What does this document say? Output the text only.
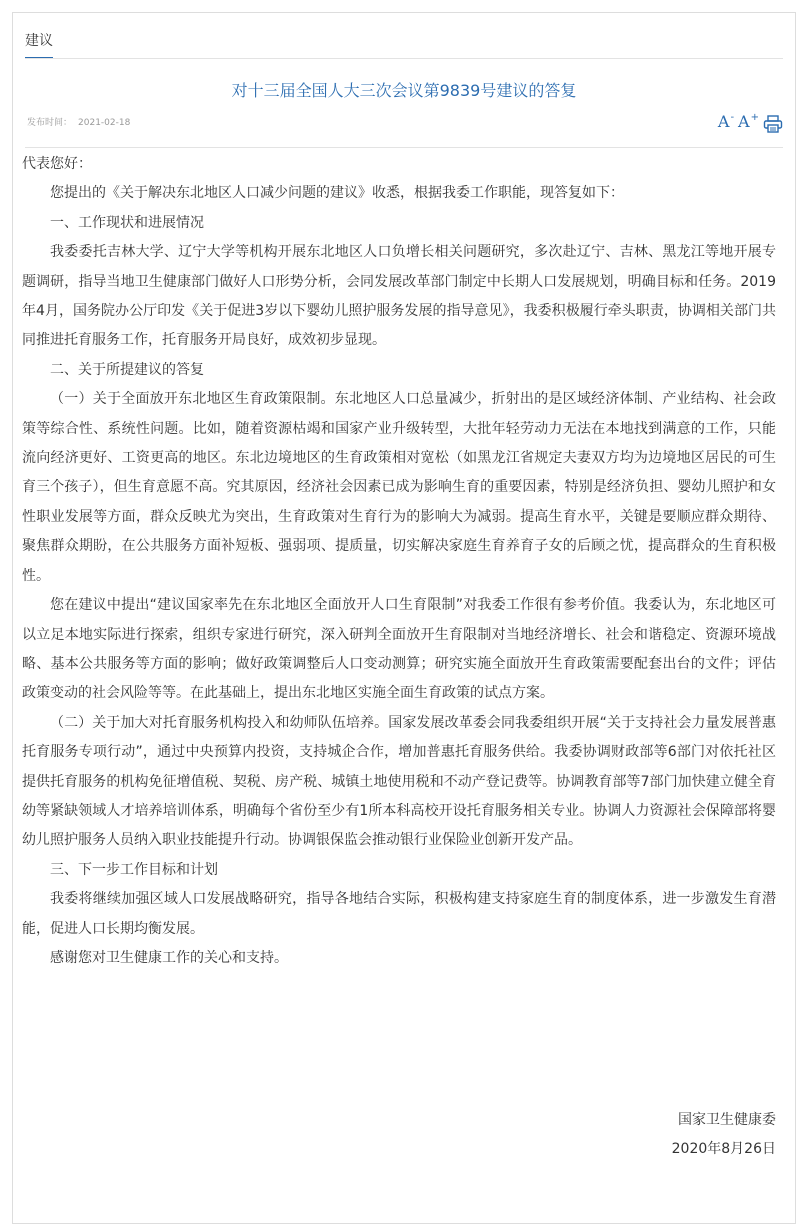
建议
对十三届全国人大三次会议第9839号建议的答复
发布时间： 2021-02-18	A- A+

代表您好：

您提出的《关于解决东北地区人口减少问题的建议》收悉，根据我委工作职能，现答复如下：

一、工作现状和进展情况

我委委托吉林大学、辽宁大学等机构开展东北地区人口负增长相关问题研究，多次赴辽宁、吉林、黑龙江等地开展专题调研，指导当地卫生健康部门做好人口形势分析，会同发展改革部门制定中长期人口发展规划，明确目标和任务。2019年4月，国务院办公厅印发《关于促进3岁以下婴幼儿照护服务发展的指导意见》，我委积极履行牵头职责，协调相关部门共同推进托育服务工作，托育服务开局良好，成效初步显现。

二、关于所提建议的答复

（一）关于全面放开东北地区生育政策限制。东北地区人口总量减少，折射出的是区域经济体制、产业结构、社会政策等综合性、系统性问题。比如，随着资源枯竭和国家产业升级转型，大批年轻劳动力无法在本地找到满意的工作，只能流向经济更好、工资更高的地区。东北边境地区的生育政策相对宽松（如黑龙江省规定夫妻双方均为边境地区居民的可生育三个孩子），但生育意愿不高。究其原因，经济社会因素已成为影响生育的重要因素，特别是经济负担、婴幼儿照护和女性职业发展等方面，群众反映尤为突出，生育政策对生育行为的影响大为减弱。提高生育水平，关键是要顺应群众期待、聚焦群众期盼，在公共服务方面补短板、强弱项、提质量，切实解决家庭生育养育子女的后顾之忧，提高群众的生育积极性。

您在建议中提出“建议国家率先在东北地区全面放开人口生育限制”对我委工作很有参考价值。我委认为，东北地区可以立足本地实际进行探索，组织专家进行研究，深入研判全面放开生育限制对当地经济增长、社会和谐稳定、资源环境战略、基本公共服务等方面的影响；做好政策调整后人口变动测算；研究实施全面放开生育政策需要配套出台的文件；评估政策变动的社会风险等等。在此基础上，提出东北地区实施全面生育政策的试点方案。

（二）关于加大对托育服务机构投入和幼师队伍培养。国家发展改革委会同我委组织开展“关于支持社会力量发展普惠托育服务专项行动”，通过中央预算内投资，支持城企合作，增加普惠托育服务供给。我委协调财政部等6部门对依托社区提供托育服务的机构免征增值税、契税、房产税、城镇土地使用税和不动产登记费等。协调教育部等7部门加快建立健全育幼等紧缺领域人才培养培训体系，明确每个省份至少有1所本科高校开设托育服务相关专业。协调人力资源社会保障部将婴幼儿照护服务人员纳入职业技能提升行动。协调银保监会推动银行业保险业创新开发产品。

三、下一步工作目标和计划

我委将继续加强区域人口发展战略研究，指导各地结合实际，积极构建支持家庭生育的制度体系，进一步激发生育潜能，促进人口长期均衡发展。

感谢您对卫生健康工作的关心和支持。

国家卫生健康委
2020年8月26日
